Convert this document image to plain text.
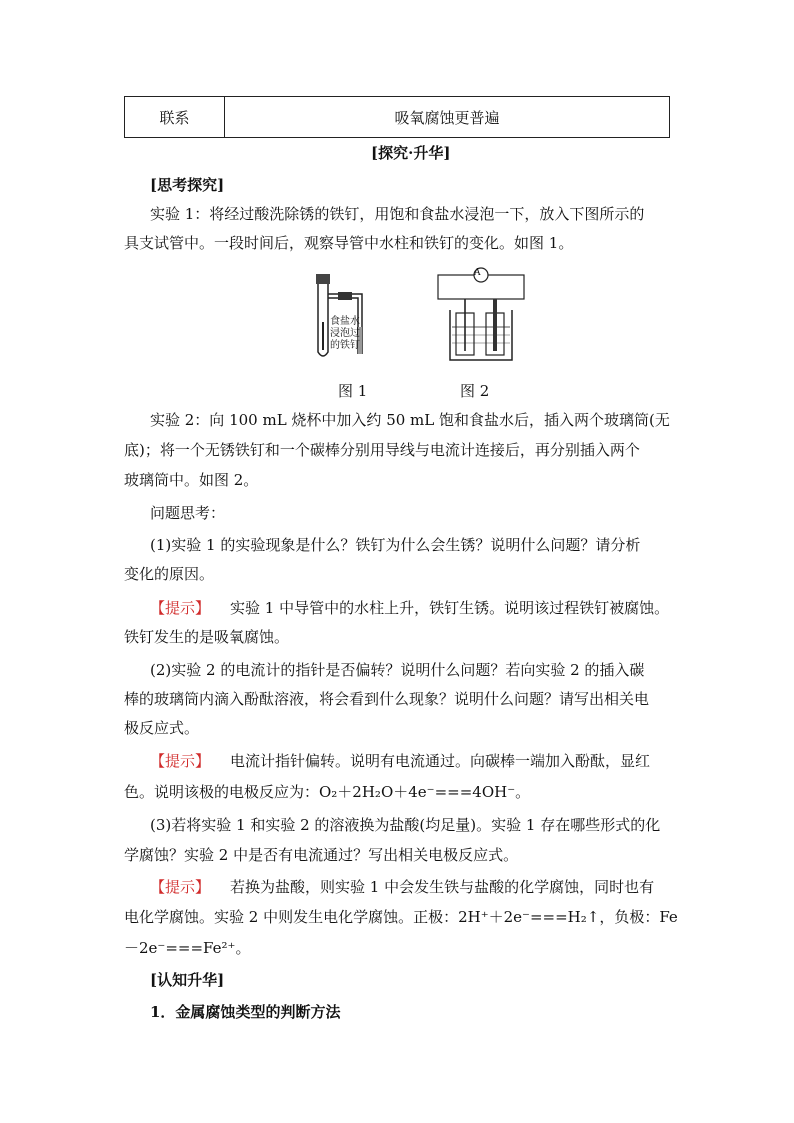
联系	吸氧腐蚀更普遍
[探究·升华]
[思考探究]
实验 1：将经过酸洗除锈的铁钉，用饱和食盐水浸泡一下，放入下图所示的
具支试管中。一段时间后，观察导管中水柱和铁钉的变化。如图 1。
食盐水
浸泡过
的铁钉
A
图 1	图 2
实验 2：向 100 mL 烧杯中加入约 50 mL 饱和食盐水后，插入两个玻璃筒(无
底)；将一个无锈铁钉和一个碳棒分别用导线与电流计连接后，再分别插入两个
玻璃筒中。如图 2。
问题思考：
(1)实验 1 的实验现象是什么？铁钉为什么会生锈？说明什么问题？请分析
变化的原因。
【提示】 实验 1 中导管中的水柱上升，铁钉生锈。说明该过程铁钉被腐蚀。
铁钉发生的是吸氧腐蚀。
(2)实验 2 的电流计的指针是否偏转？说明什么问题？若向实验 2 的插入碳
棒的玻璃筒内滴入酚酞溶液，将会看到什么现象？说明什么问题？请写出相关电
极反应式。
【提示】 电流计指针偏转。说明有电流通过。向碳棒一端加入酚酞，显红
色。说明该极的电极反应为：O₂＋2H₂O＋4e⁻===4OH⁻。
(3)若将实验 1 和实验 2 的溶液换为盐酸(均足量)。实验 1 存在哪些形式的化
学腐蚀？实验 2 中是否有电流通过？写出相关电极反应式。
【提示】 若换为盐酸，则实验 1 中会发生铁与盐酸的化学腐蚀，同时也有
电化学腐蚀。实验 2 中则发生电化学腐蚀。正极：2H⁺＋2e⁻===H₂↑，负极：Fe
－2e⁻===Fe²⁺。
[认知升华]
1．金属腐蚀类型的判断方法
